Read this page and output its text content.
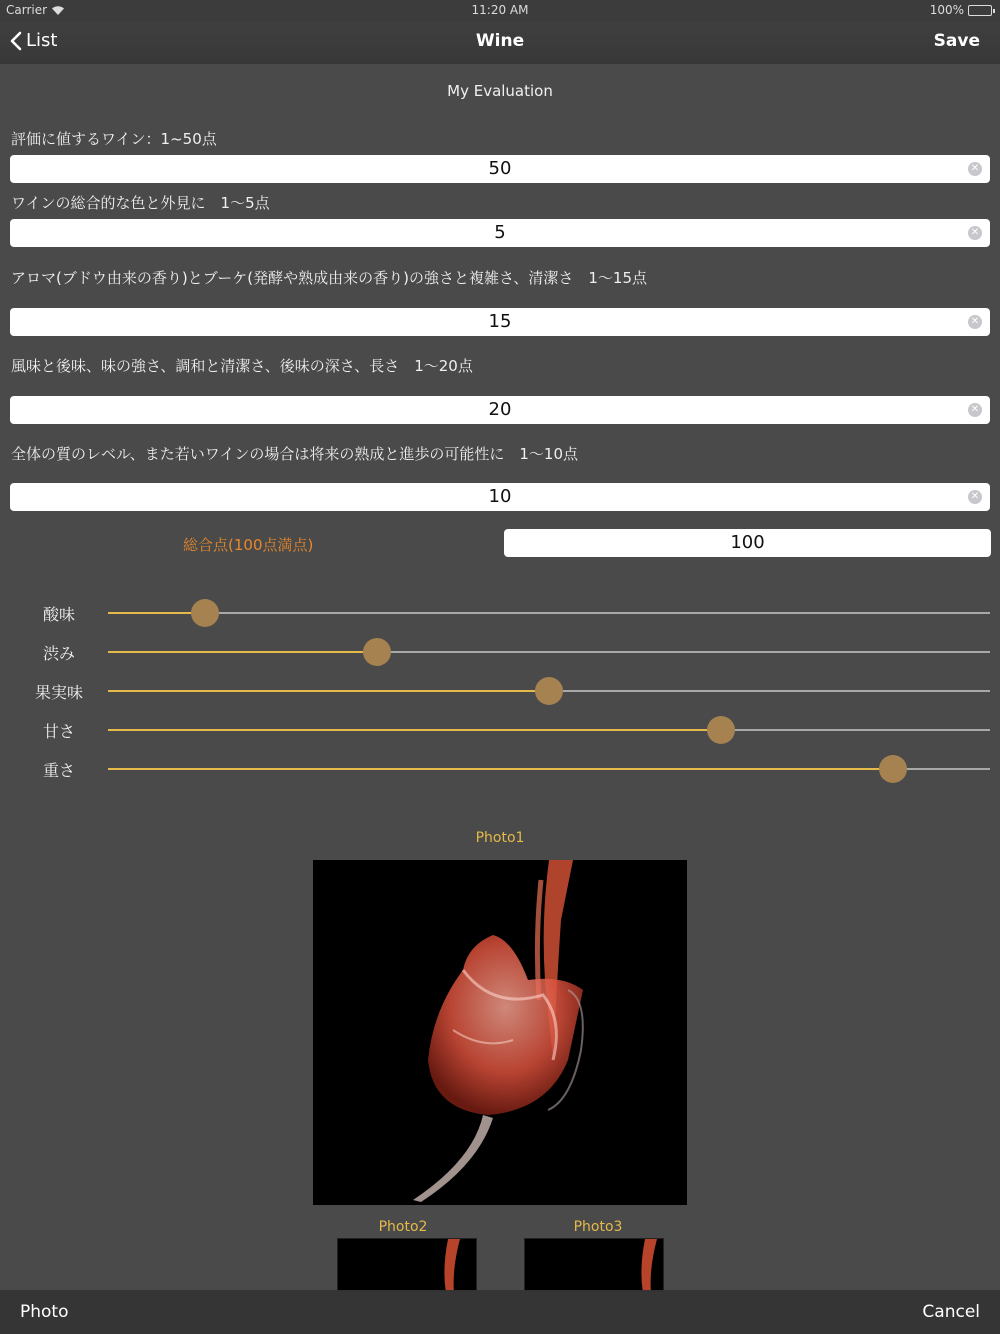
Carrier	11:20 AM	100%
List	Wine	Save
My Evaluation
評価に値するワイン：1~50点
50	✕
ワインの総合的な色と外見に　1〜5点
5	✕
アロマ(ブドウ由来の香り)とブーケ(発酵や熟成由来の香り)の強さと複雑さ、清潔さ　1〜15点
15	✕
風味と後味、味の強さ、調和と清潔さ、後味の深さ、長さ　1〜20点
20	✕
全体の質のレベル、また若いワインの場合は将来の熟成と進歩の可能性に　1〜10点
10	✕
総合点(100点満点)	100
酸味
渋み
果実味
甘さ
重さ
Photo1
Photo2	Photo3
Photo	Cancel
